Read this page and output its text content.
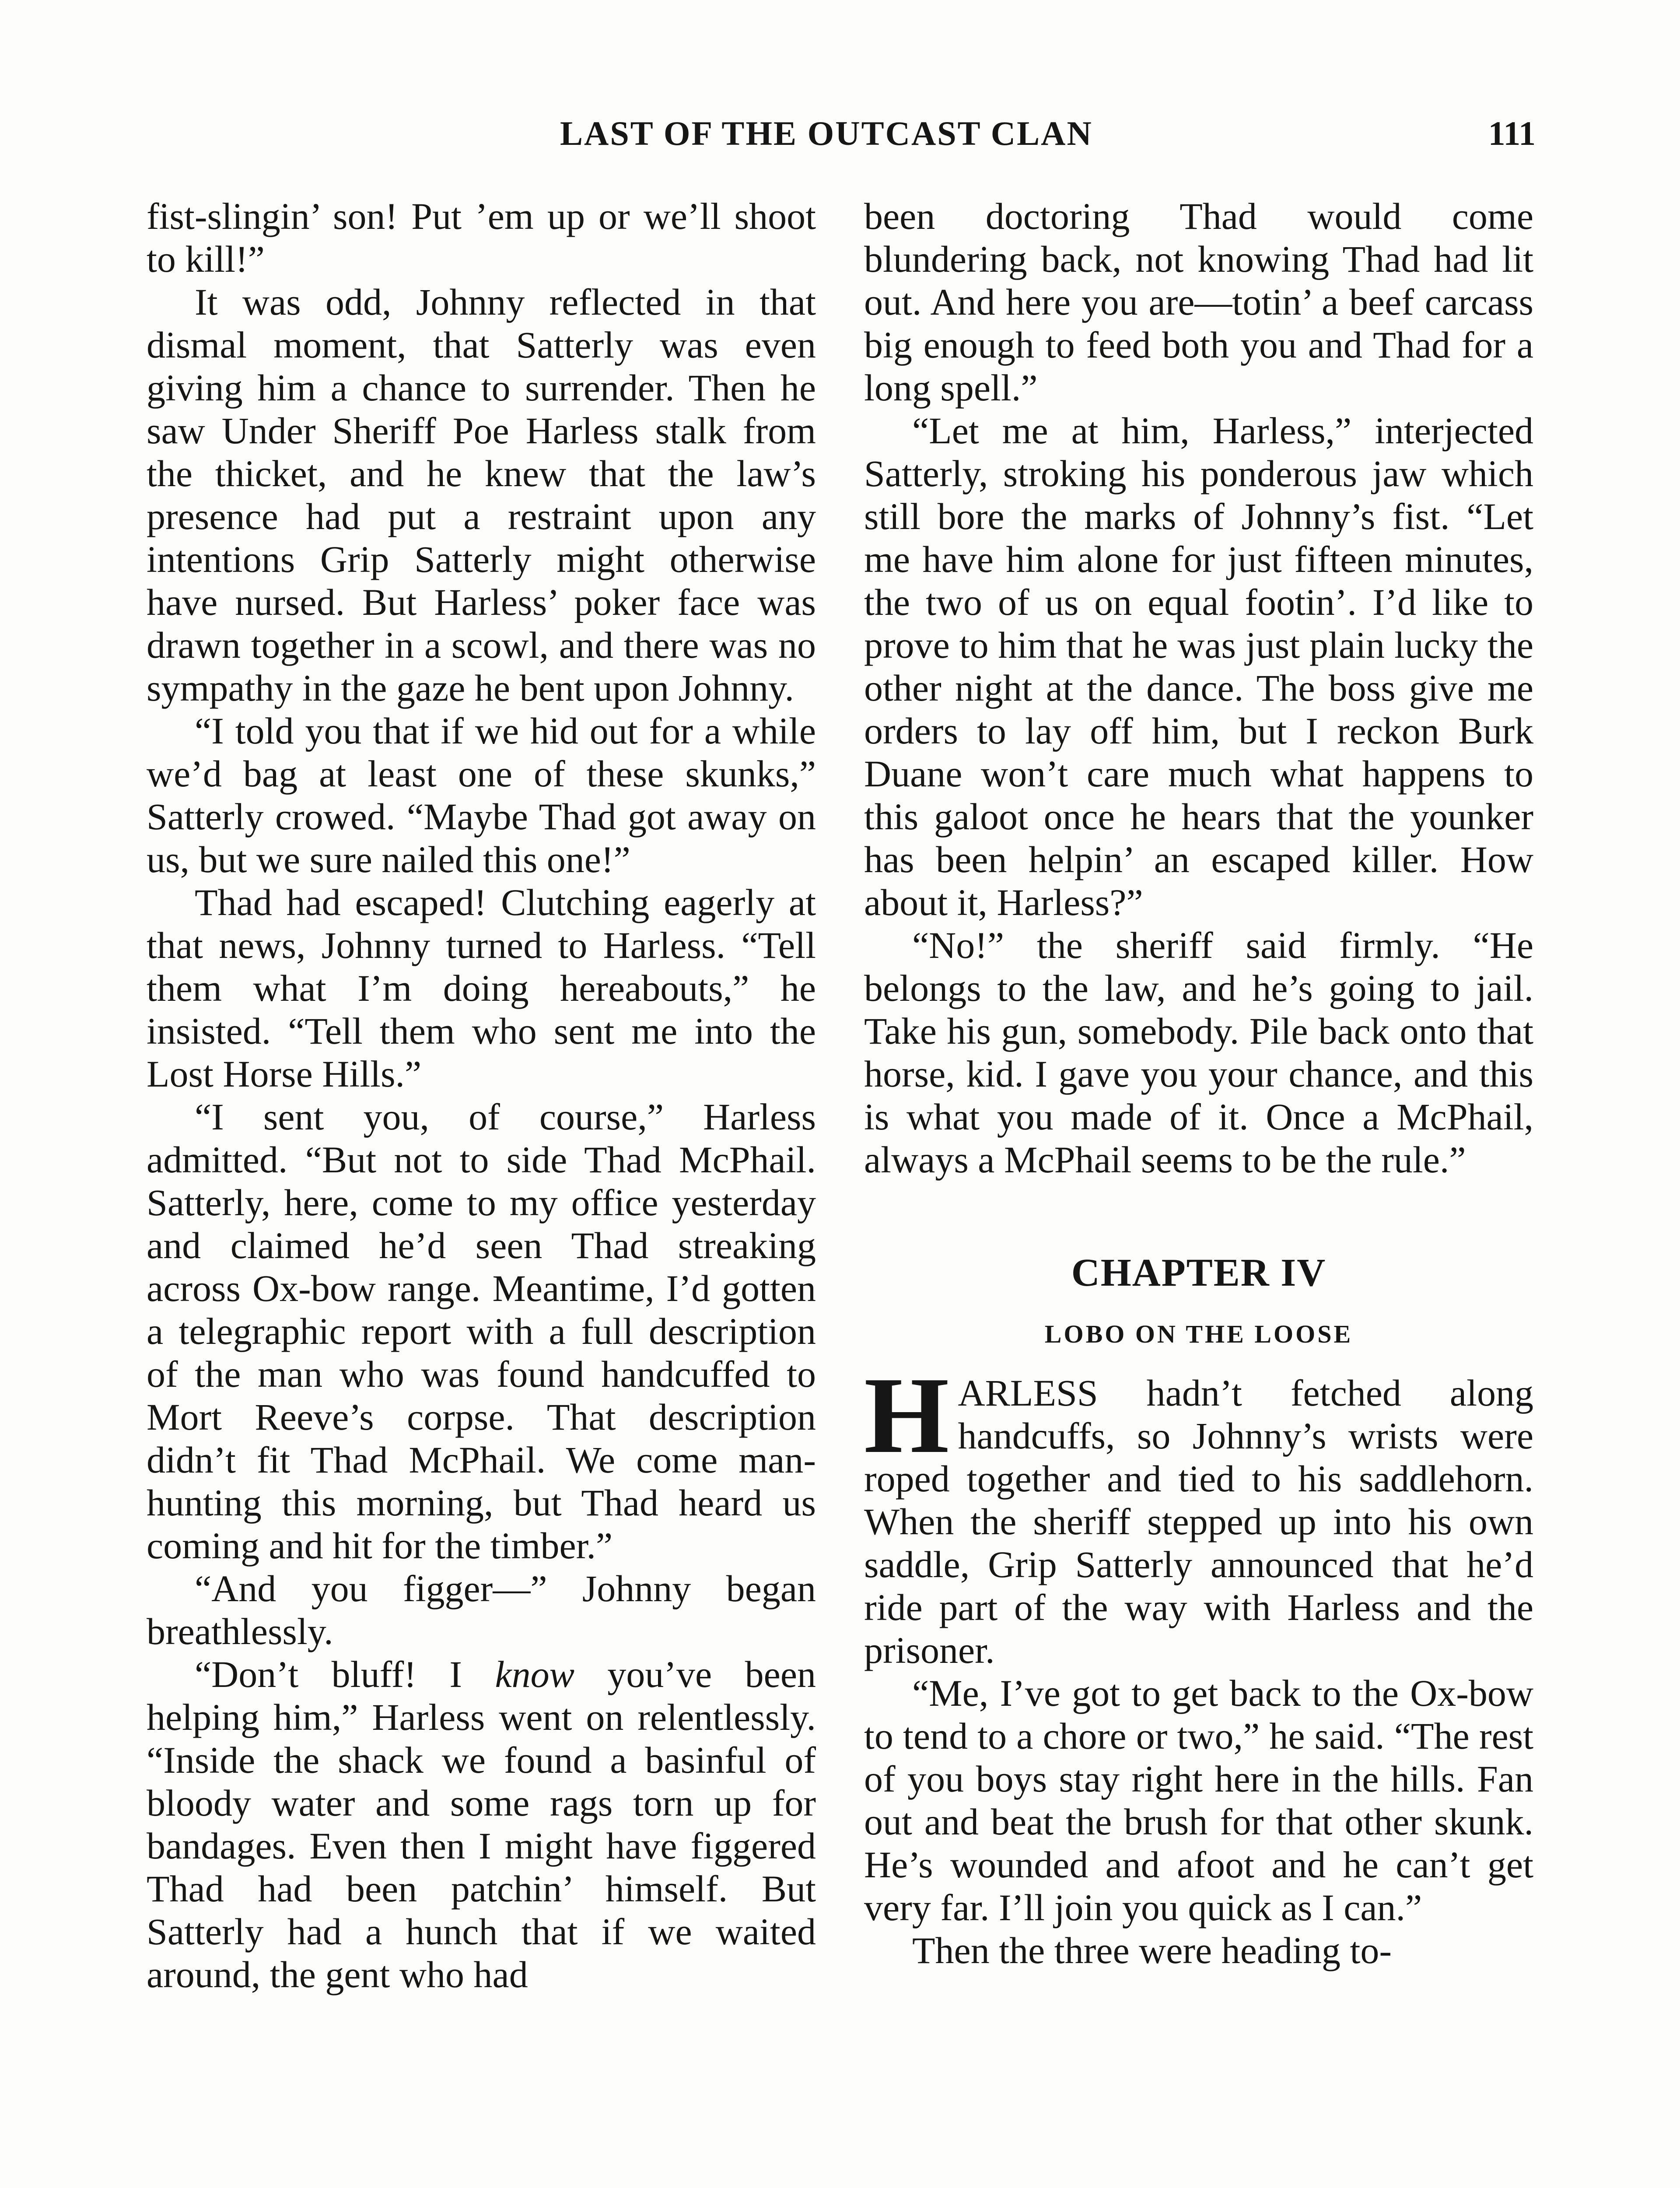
LAST OF THE OUTCAST CLAN	111

fist-slingin’ son! Put ’em up or we’ll shoot to kill!”

It was odd, Johnny reflected in that dismal moment, that Satterly was even giving him a chance to surrender. Then he saw Under Sheriff Poe Harless stalk from the thicket, and he knew that the law’s presence had put a restraint upon any intentions Grip Satterly might otherwise have nursed. But Harless’ poker face was drawn together in a scowl, and there was no sympathy in the gaze he bent upon Johnny.

“I told you that if we hid out for a while we’d bag at least one of these skunks,” Satterly crowed. “Maybe Thad got away on us, but we sure nailed this one!”

Thad had escaped! Clutching eagerly at that news, Johnny turned to Harless. “Tell them what I’m doing hereabouts,” he insisted. “Tell them who sent me into the Lost Horse Hills.”

“I sent you, of course,” Harless admitted. “But not to side Thad McPhail. Satterly, here, come to my office yesterday and claimed he’d seen Thad streaking across Ox-bow range. Meantime, I’d gotten a telegraphic report with a full description of the man who was found handcuffed to Mort Reeve’s corpse. That description didn’t fit Thad McPhail. We come man-hunting this morning, but Thad heard us coming and hit for the timber.”

“And you figger—” Johnny began breathlessly.

“Don’t bluff! I know you’ve been helping him,” Harless went on relentlessly. “Inside the shack we found a basinful of bloody water and some rags torn up for bandages. Even then I might have figgered Thad had been patchin’ himself. But Satterly had a hunch that if we waited around, the gent who had

been doctoring Thad would come blundering back, not knowing Thad had lit out. And here you are—totin’ a beef carcass big enough to feed both you and Thad for a long spell.”

“Let me at him, Harless,” interjected Satterly, stroking his ponderous jaw which still bore the marks of Johnny’s fist. “Let me have him alone for just fifteen minutes, the two of us on equal footin’. I’d like to prove to him that he was just plain lucky the other night at the dance. The boss give me orders to lay off him, but I reckon Burk Duane won’t care much what happens to this galoot once he hears that the younker has been helpin’ an escaped killer. How about it, Harless?”

“No!” the sheriff said firmly. “He belongs to the law, and he’s going to jail. Take his gun, somebody. Pile back onto that horse, kid. I gave you your chance, and this is what you made of it. Once a McPhail, always a McPhail seems to be the rule.”

CHAPTER IV
LOBO ON THE LOOSE

HARLESS hadn’t fetched along handcuffs, so Johnny’s wrists were roped together and tied to his saddlehorn. When the sheriff stepped up into his own saddle, Grip Satterly announced that he’d ride part of the way with Harless and the prisoner.

“Me, I’ve got to get back to the Ox-bow to tend to a chore or two,” he said. “The rest of you boys stay right here in the hills. Fan out and beat the brush for that other skunk. He’s wounded and afoot and he can’t get very far. I’ll join you quick as I can.”

Then the three were heading to-
